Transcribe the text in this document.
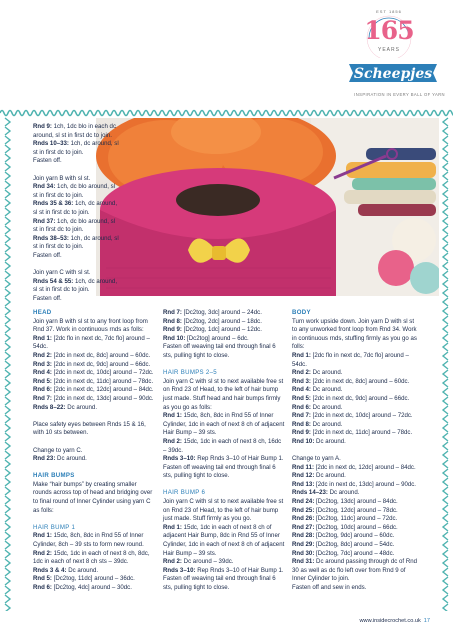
EST 1856
165
YEARS
Scheepjes
INSPIRATION IN EVERY BALL OF YARN

Rnd 9: 1ch, 1dc blo in each dc around, sl st in first dc to join.

Rnds 10–33: 1ch, dc around, sl st in first dc to join.

Fasten off.

Join yarn B with sl st.

Rnd 34: 1ch, dc blo around, sl st in first dc to join.

Rnds 35 & 36: 1ch, dc around, sl st in first dc to join.

Rnd 37: 1ch, dc blo around, sl st in first dc to join.

Rnds 38–53: 1ch, dc around, sl st in first dc to join.

Fasten off.

Join yarn C with sl st.

Rnds 54 & 55: 1ch, dc around, sl st in first dc to join.

Fasten off.

HEAD

Join yarn B with sl st to any front loop from Rnd 37. Work in continuous rnds as folls:

Rnd 1: [2dc flo in next dc, 7dc flo] around – 54dc.

Rnd 2: [2dc in next dc, 8dc] around – 60dc.

Rnd 3: [2dc in next dc, 9dc] around – 66dc.

Rnd 4: [2dc in next dc, 10dc] around – 72dc.

Rnd 5: [2dc in next dc, 11dc] around – 78dc.

Rnd 6: [2dc in next dc, 12dc] around – 84dc.

Rnd 7: [2dc in next dc, 13dc] around – 90dc.

Rnds 8–22: Dc around.

Place safety eyes between Rnds 15 & 16, with 10 sts between.

Change to yarn C.

Rnd 23: Dc around.

HAIR BUMPS

Make “hair bumps” by creating smaller rounds across top of head and bridging over to final round of Inner Cylinder using yarn C as folls:

HAIR BUMP 1

Rnd 1: 15dc, 8ch, 8dc in Rnd 55 of Inner Cylinder, 8ch – 39 sts to form new round.

Rnd 2: 15dc, 1dc in each of next 8 ch, 8dc, 1dc in each of next 8 ch sts – 39dc.

Rnds 3 & 4: Dc around.

Rnd 5: [Dc2tog, 11dc] around – 36dc.

Rnd 6: [Dc2tog, 4dc] around – 30dc.

Rnd 7: [Dc2tog, 3dc] around – 24dc.

Rnd 8: [Dc2tog, 2dc] around – 18dc.

Rnd 9: [Dc2tog, 1dc] around – 12dc.

Rnd 10: [Dc2tog] around – 6dc.

Fasten off weaving tail end through final 6 sts, pulling tight to close.

HAIR BUMPS 2–5

Join yarn C with sl st to next available free st on Rnd 23 of Head, to the left of hair bump just made. Stuff head and hair bumps firmly as you go as folls:

Rnd 1: 15dc, 8ch, 8dc in Rnd 55 of Inner Cylinder, 1dc in each of next 8 ch of adjacent Hair Bump – 39 sts.

Rnd 2: 15dc, 1dc in each of next 8 ch, 16dc – 39dc.

Rnds 3–10: Rep Rnds 3–10 of Hair Bump 1. Fasten off weaving tail end through final 6 sts, pulling tight to close.

HAIR BUMP 6

Join yarn C with sl st to next available free st on Rnd 23 of Head, to the left of hair bump just made. Stuff firmly as you go.

Rnd 1: 15dc, 1dc in each of next 8 ch of adjacent Hair Bump, 8dc in Rnd 55 of Inner Cylinder, 1dc in each of next 8 ch of adjacent Hair Bump – 39 sts.

Rnd 2: Dc around – 39dc.

Rnds 3–10: Rep Rnds 3–10 of Hair Bump 1. Fasten off weaving tail end through final 6 sts, pulling tight to close.

BODY

Turn work upside down. Join yarn D with sl st to any unworked front loop from Rnd 34. Work in continuous rnds, stuffing firmly as you go as folls:

Rnd 1: [2dc flo in next dc, 7dc flo] around – 54dc.

Rnd 2: Dc around.

Rnd 3: [2dc in next dc, 8dc] around – 60dc.

Rnd 4: Dc around.

Rnd 5: [2dc in next dc, 9dc] around – 66dc.

Rnd 6: Dc around.

Rnd 7: [2dc in next dc, 10dc] around – 72dc.

Rnd 8: Dc around.

Rnd 9: [2dc in next dc, 11dc] around – 78dc.

Rnd 10: Dc around.

Change to yarn A.

Rnd 11: [2dc in next dc, 12dc] around – 84dc.

Rnd 12: Dc around.

Rnd 13: [2dc in next dc, 13dc] around – 90dc.

Rnds 14–23: Dc around.

Rnd 24: [Dc2tog, 13dc] around – 84dc.

Rnd 25: [Dc2tog, 12dc] around – 78dc.

Rnd 26: [Dc2tog, 11dc] around – 72dc.

Rnd 27: [Dc2tog, 10dc] around – 66dc.

Rnd 28: [Dc2tog, 9dc] around – 60dc.

Rnd 29: [Dc2tog, 8dc] around – 54dc.

Rnd 30: [Dc2tog, 7dc] around – 48dc.

Rnd 31: Dc around passing through dc of Rnd 30 as well as dc flo left over from Rnd 9 of Inner Cylinder to join.

Fasten off and sew in ends.

www.insidecrochet.co.uk 17
